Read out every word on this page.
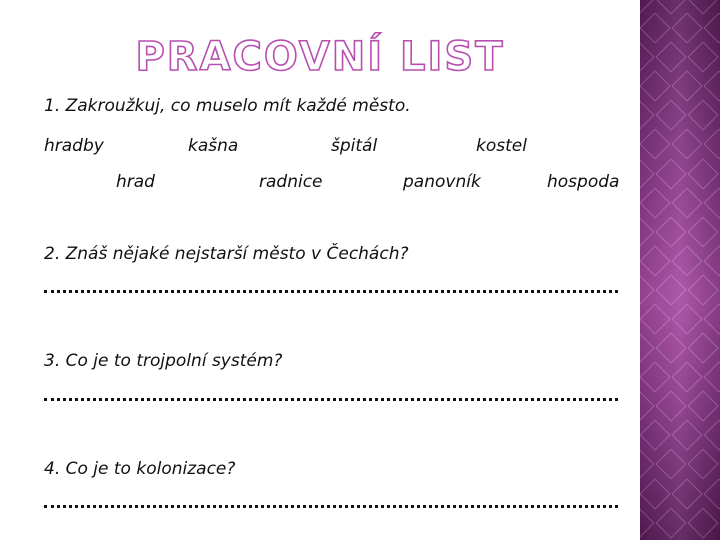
PRACOVNÍ LIST

1. Zakroužkuj, co muselo mít každé město.

hradby	kašna	špitál	kostel
hrad	radnice	panovník	hospoda

2. Znáš nějaké nejstarší město v Čechách?

3. Co je to trojpolní systém?

4. Co je to kolonizace?
